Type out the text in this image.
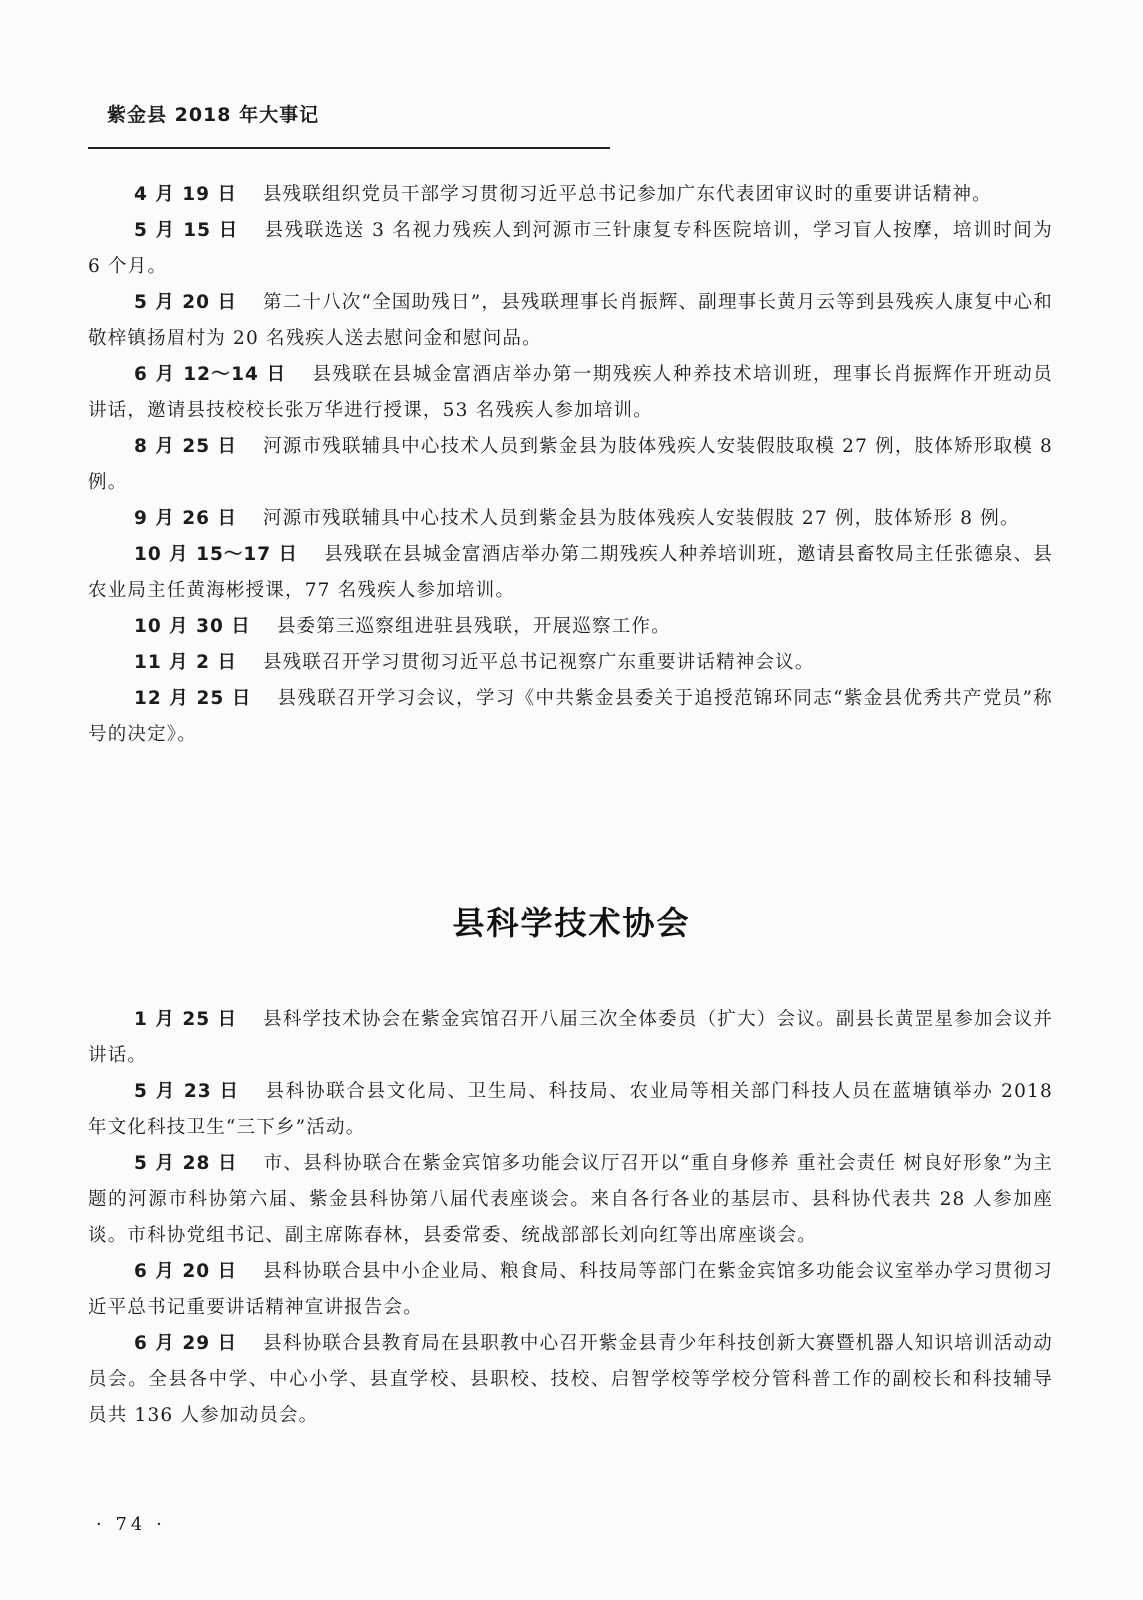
紫金县 2018 年大事记

4 月 19 日 县残联组织党员干部学习贯彻习近平总书记参加广东代表团审议时的重要讲话精神。

5 月 15 日 县残联选送 3 名视力残疾人到河源市三针康复专科医院培训，学习盲人按摩，培训时间为 6 个月。

5 月 20 日 第二十八次“全国助残日”，县残联理事长肖振辉、副理事长黄月云等到县残疾人康复中心和敬梓镇扬眉村为 20 名残疾人送去慰问金和慰问品。

6 月 12～14 日 县残联在县城金富酒店举办第一期残疾人种养技术培训班，理事长肖振辉作开班动员讲话，邀请县技校校长张万华进行授课，53 名残疾人参加培训。

8 月 25 日 河源市残联辅具中心技术人员到紫金县为肢体残疾人安装假肢取模 27 例，肢体矫形取模 8 例。

9 月 26 日 河源市残联辅具中心技术人员到紫金县为肢体残疾人安装假肢 27 例，肢体矫形 8 例。

10 月 15～17 日 县残联在县城金富酒店举办第二期残疾人种养培训班，邀请县畜牧局主任张德泉、县农业局主任黄海彬授课，77 名残疾人参加培训。

10 月 30 日 县委第三巡察组进驻县残联，开展巡察工作。

11 月 2 日 县残联召开学习贯彻习近平总书记视察广东重要讲话精神会议。

12 月 25 日 县残联召开学习会议，学习《中共紫金县委关于追授范锦环同志“紫金县优秀共产党员”称号的决定》。

县科学技术协会

1 月 25 日 县科学技术协会在紫金宾馆召开八届三次全体委员（扩大）会议。副县长黄罡星参加会议并讲话。

5 月 23 日 县科协联合县文化局、卫生局、科技局、农业局等相关部门科技人员在蓝塘镇举办 2018 年文化科技卫生“三下乡”活动。

5 月 28 日 市、县科协联合在紫金宾馆多功能会议厅召开以“重自身修养 重社会责任 树良好形象”为主题的河源市科协第六届、紫金县科协第八届代表座谈会。来自各行各业的基层市、县科协代表共 28 人参加座谈。市科协党组书记、副主席陈春林，县委常委、统战部部长刘向红等出席座谈会。

6 月 20 日 县科协联合县中小企业局、粮食局、科技局等部门在紫金宾馆多功能会议室举办学习贯彻习近平总书记重要讲话精神宣讲报告会。

6 月 29 日 县科协联合县教育局在县职教中心召开紫金县青少年科技创新大赛暨机器人知识培训活动动员会。全县各中学、中心小学、县直学校、县职校、技校、启智学校等学校分管科普工作的副校长和科技辅导员共 136 人参加动员会。

· 74 ·
